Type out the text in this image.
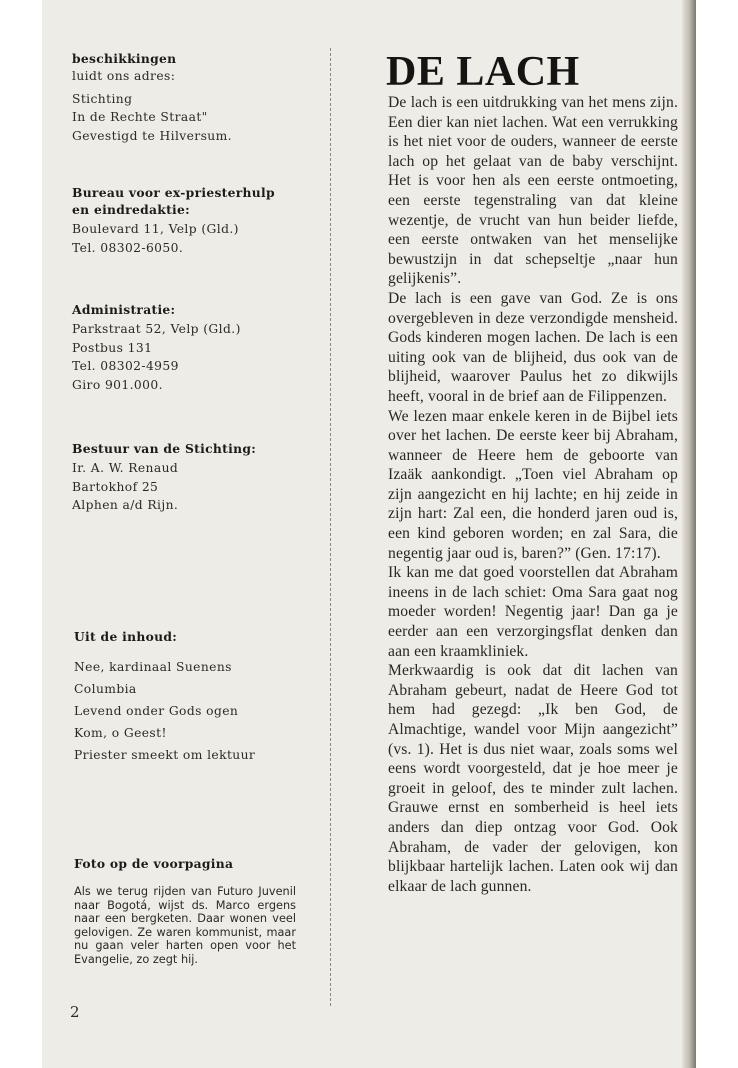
beschikkingen
luidt ons adres:
Stichting
In de Rechte Straat"
Gevestigd te Hilversum.
Bureau voor ex-priesterhulp
en eindredaktie:
Boulevard 11, Velp (Gld.)
Tel. 08302-6050.
Administratie:
Parkstraat 52, Velp (Gld.)
Postbus 131
Tel. 08302-4959
Giro 901.000.
Bestuur van de Stichting:
Ir. A. W. Renaud
Bartokhof 25
Alphen a/d Rijn.
Uit de inhoud:
Nee, kardinaal Suenens
Columbia
Levend onder Gods ogen
Kom, o Geest!
Priester smeekt om lektuur
Foto op de voorpagina
Als we terug rijden van Futuro Juvenil naar Bogotá, wijst ds. Marco ergens naar een bergketen. Daar wonen veel gelovigen. Ze waren kommunist, maar nu gaan veler harten open voor het Evangelie, zo zegt hij.
2
DE LACH

De lach is een uitdrukking van het mens zijn. Een dier kan niet lachen. Wat een verrukking is het niet voor de ouders, wanneer de eerste lach op het gelaat van de baby verschijnt. Het is voor hen als een eerste ontmoeting, een eerste tegenstraling van dat kleine wezentje, de vrucht van hun beider liefde, een eerste ontwaken van het menselijke bewustzijn in dat schepseltje „naar hun gelijkenis”.

De lach is een gave van God. Ze is ons overgebleven in deze verzondigde mensheid. Gods kinderen mogen lachen. De lach is een uiting ook van de blijheid, dus ook van de blijheid, waarover Paulus het zo dikwijls heeft, vooral in de brief aan de Filippenzen.

We lezen maar enkele keren in de Bijbel iets over het lachen. De eerste keer bij Abraham, wanneer de Heere hem de geboorte van Izaäk aankondigt. „Toen viel Abraham op zijn aangezicht en hij lachte; en hij zeide in zijn hart: Zal een, die honderd jaren oud is, een kind geboren worden; en zal Sara, die negentig jaar oud is, baren?” (Gen. 17:17).

Ik kan me dat goed voorstellen dat Abraham ineens in de lach schiet: Oma Sara gaat nog moeder worden! Negentig jaar! Dan ga je eerder aan een verzorgingsflat denken dan aan een kraamkliniek.

Merkwaardig is ook dat dit lachen van Abraham gebeurt, nadat de Heere God tot hem had gezegd: „Ik ben God, de Almachtige, wandel voor Mijn aangezicht” (vs. 1). Het is dus niet waar, zoals soms wel eens wordt voorgesteld, dat je hoe meer je groeit in geloof, des te minder zult lachen. Grauwe ernst en somberheid is heel iets anders dan diep ontzag voor God. Ook Abraham, de vader der gelovigen, kon blijkbaar hartelijk lachen. Laten ook wij dan elkaar de lach gunnen.
